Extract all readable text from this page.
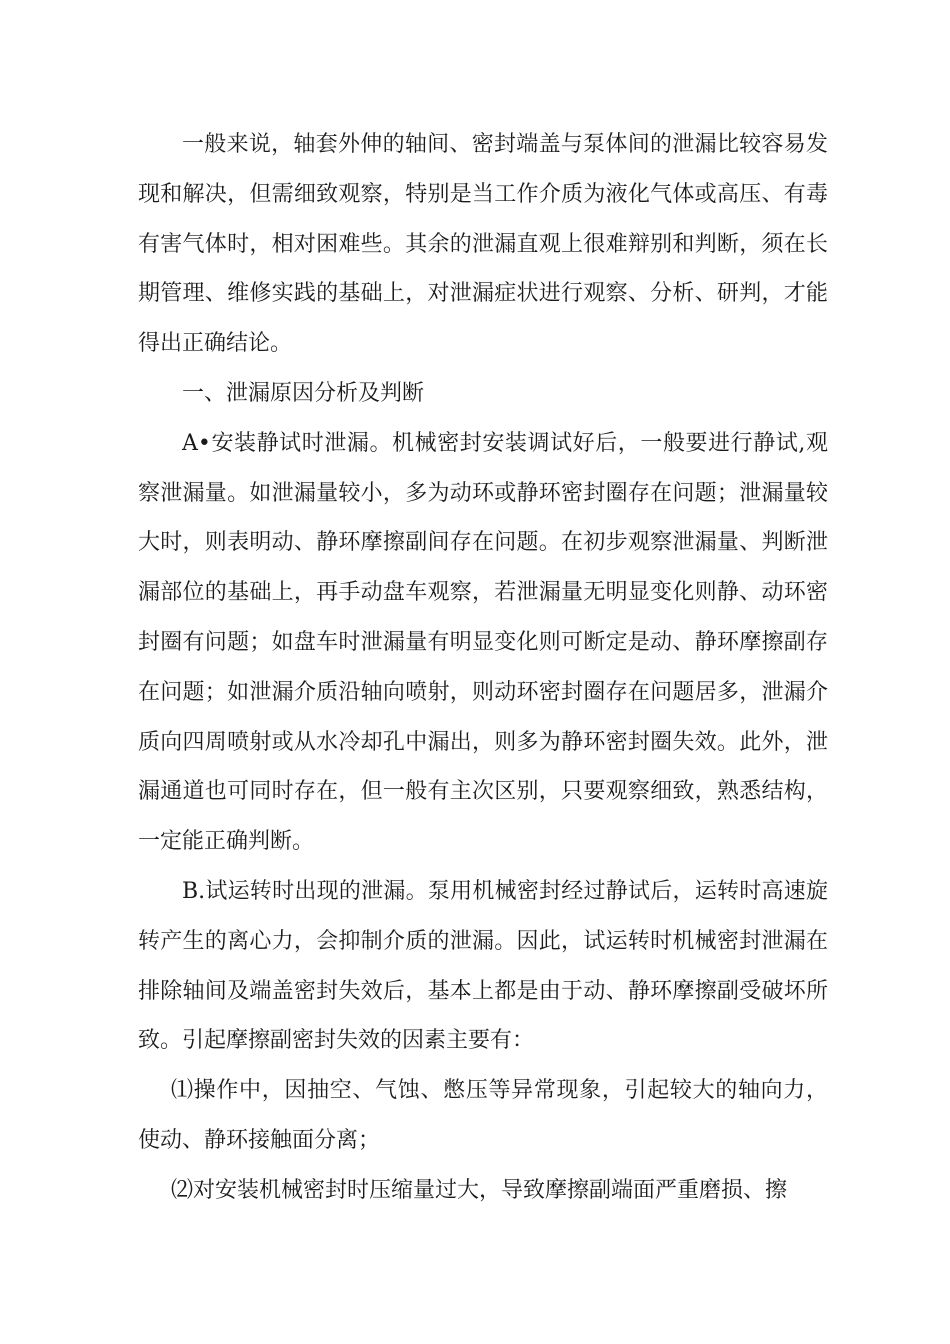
一般来说，轴套外伸的轴间、密封端盖与泵体间的泄漏比较容易发现和解决，但需细致观察，特别是当工作介质为液化气体或高压、有毒有害气体时，相对困难些。其余的泄漏直观上很难辩别和判断，须在长期管理、维修实践的基础上，对泄漏症状进行观察、分析、研判，才能得出正确结论。

一、泄漏原因分析及判断

A•安装静试时泄漏。机械密封安装调试好后，一般要进行静试,观察泄漏量。如泄漏量较小，多为动环或静环密封圈存在问题；泄漏量较大时，则表明动、静环摩擦副间存在问题。在初步观察泄漏量、判断泄漏部位的基础上，再手动盘车观察，若泄漏量无明显变化则静、动环密封圈有问题；如盘车时泄漏量有明显变化则可断定是动、静环摩擦副存在问题；如泄漏介质沿轴向喷射，则动环密封圈存在问题居多，泄漏介质向四周喷射或从水冷却孔中漏出，则多为静环密封圈失效。此外，泄漏通道也可同时存在，但一般有主次区别，只要观察细致，熟悉结构，一定能正确判断。

B.试运转时出现的泄漏。泵用机械密封经过静试后，运转时高速旋转产生的离心力，会抑制介质的泄漏。因此，试运转时机械密封泄漏在排除轴间及端盖密封失效后，基本上都是由于动、静环摩擦副受破坏所致。引起摩擦副密封失效的因素主要有：

⑴操作中，因抽空、气蚀、憋压等异常现象，引起较大的轴向力，使动、静环接触面分离；

⑵对安装机械密封时压缩量过大，导致摩擦副端面严重磨损、擦
